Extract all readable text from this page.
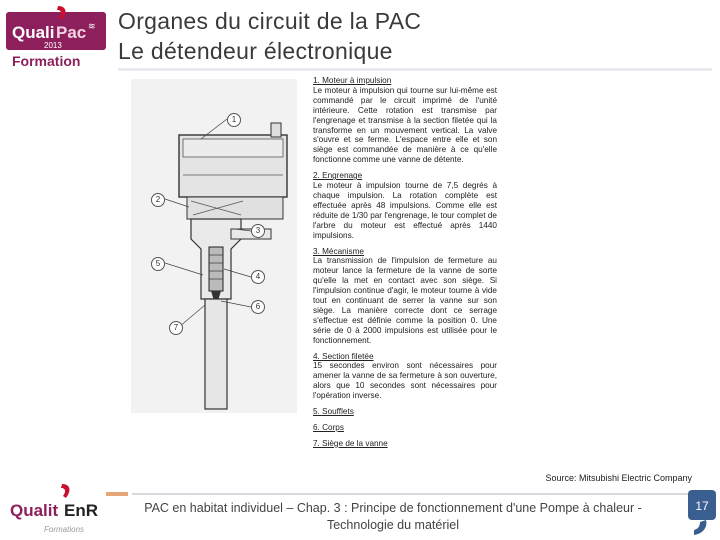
Quali Pac
2013
≋
Formation
Organes du circuit de la PAC
Le détendeur électronique
1
2
3
4
5
6
7

1. Moteur à impulsion

Le moteur à impulsion qui tourne sur lui-même est commandé par le circuit imprimé de l'unité intérieure. Cette rotation est transmise par l'engrenage et transmise à la section filetée qui la transforme en un mouvement vertical. La valve s'ouvre et se ferme. L'espace entre elle et son siège est commandée de manière à ce qu'elle fonctionne comme une vanne de détente.

2. Engrenage

Le moteur à impulsion tourne de 7,5 degrés à chaque impulsion. La rotation complète est effectuée après 48 impulsions. Comme elle est réduite de 1/30 par l'engrenage, le tour complet de l'arbre du moteur est effectué après 1440 impulsions.

3. Mécanisme

La transmission de l'impulsion de fermeture au moteur lance la fermeture de la vanne de sorte qu'elle la met en contact avec son siège. Si l'impulsion continue d'agir, le moteur tourne à vide tout en continuant de serrer la vanne sur son siège. La manière correcte dont ce serrage s'effectue est définie comme la position 0. Une série de 0 à 2000 impulsions est utilisée pour le fonctionnement.

4. Section filetée

15 secondes environ sont nécessaires pour amener la vanne de sa fermeture à son ouverture, alors que 10 secondes sont nécessaires pour l'opération inverse.

5. Soufflets

6. Corps

7. Siège de la vanne

Source: Mitsubishi Electric Company
Qualit EnR
Formations
PAC en habitat individuel – Chap. 3 : Principe de fonctionnement d'une Pompe à chaleur - Technologie du matériel
17
